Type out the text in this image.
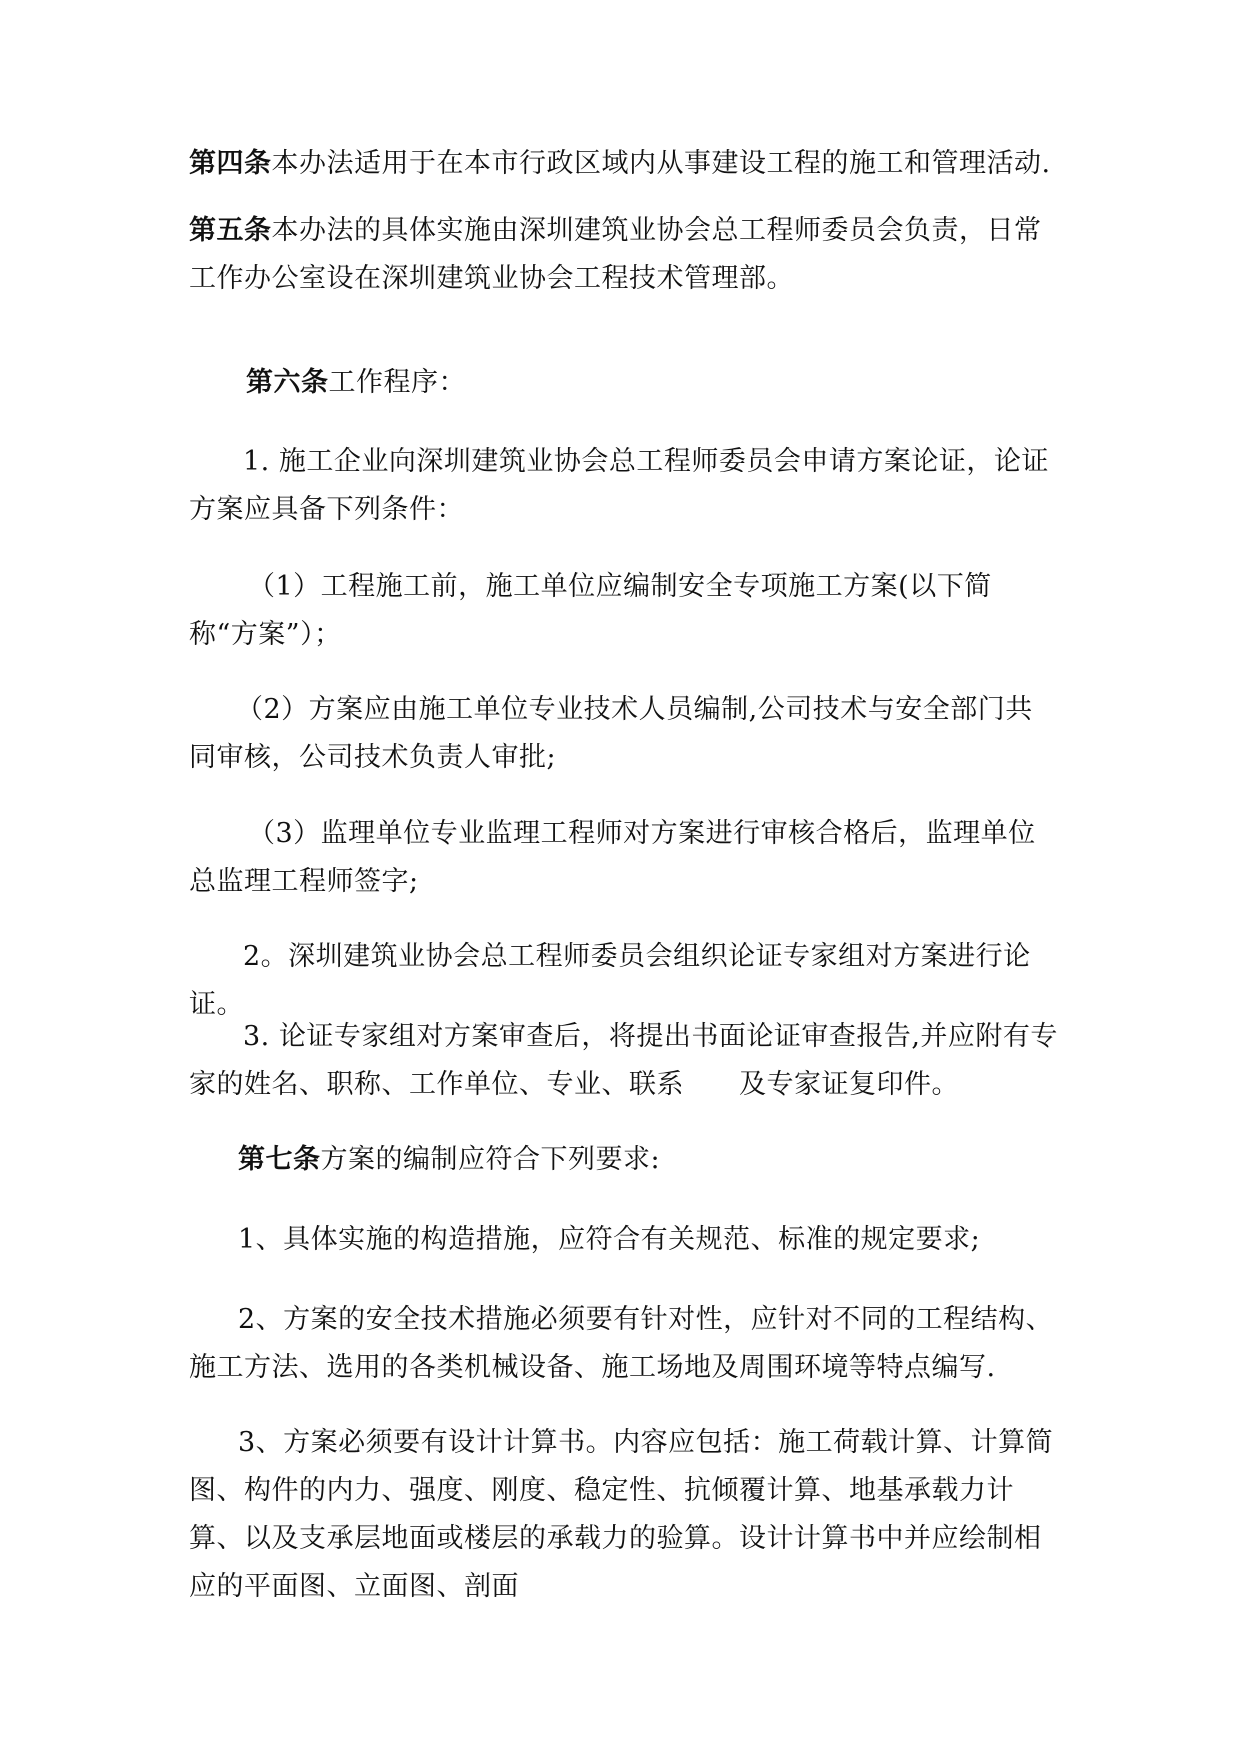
第四条本办法适用于在本市行政区域内从事建设工程的施工和管理活动.

第五条本办法的具体实施由深圳建筑业协会总工程师委员会负责，日常工作办公室设在深圳建筑业协会工程技术管理部。

第六条工作程序：

1. 施工企业向深圳建筑业协会总工程师委员会申请方案论证，论证方案应具备下列条件：

（1）工程施工前，施工单位应编制安全专项施工方案(以下简称“方案”）；

（2）方案应由施工单位专业技术人员编制,公司技术与安全部门共同审核，公司技术负责人审批;

（3）监理单位专业监理工程师对方案进行审核合格后，监理单位总监理工程师签字;

2。深圳建筑业协会总工程师委员会组织论证专家组对方案进行论证。

3. 论证专家组对方案审查后，将提出书面论证审查报告,并应附有专家的姓名、职称、工作单位、专业、联系　　及专家证复印件。

第七条方案的编制应符合下列要求:

1、具体实施的构造措施，应符合有关规范、标准的规定要求;

2、方案的安全技术措施必须要有针对性，应针对不同的工程结构、施工方法、选用的各类机械设备、施工场地及周围环境等特点编写.

3、方案必须要有设计计算书。内容应包括：施工荷载计算、计算简图、构件的内力、强度、刚度、稳定性、抗倾覆计算、地基承载力计算、以及支承层地面或楼层的承载力的验算。设计计算书中并应绘制相应的平面图、立面图、剖面
